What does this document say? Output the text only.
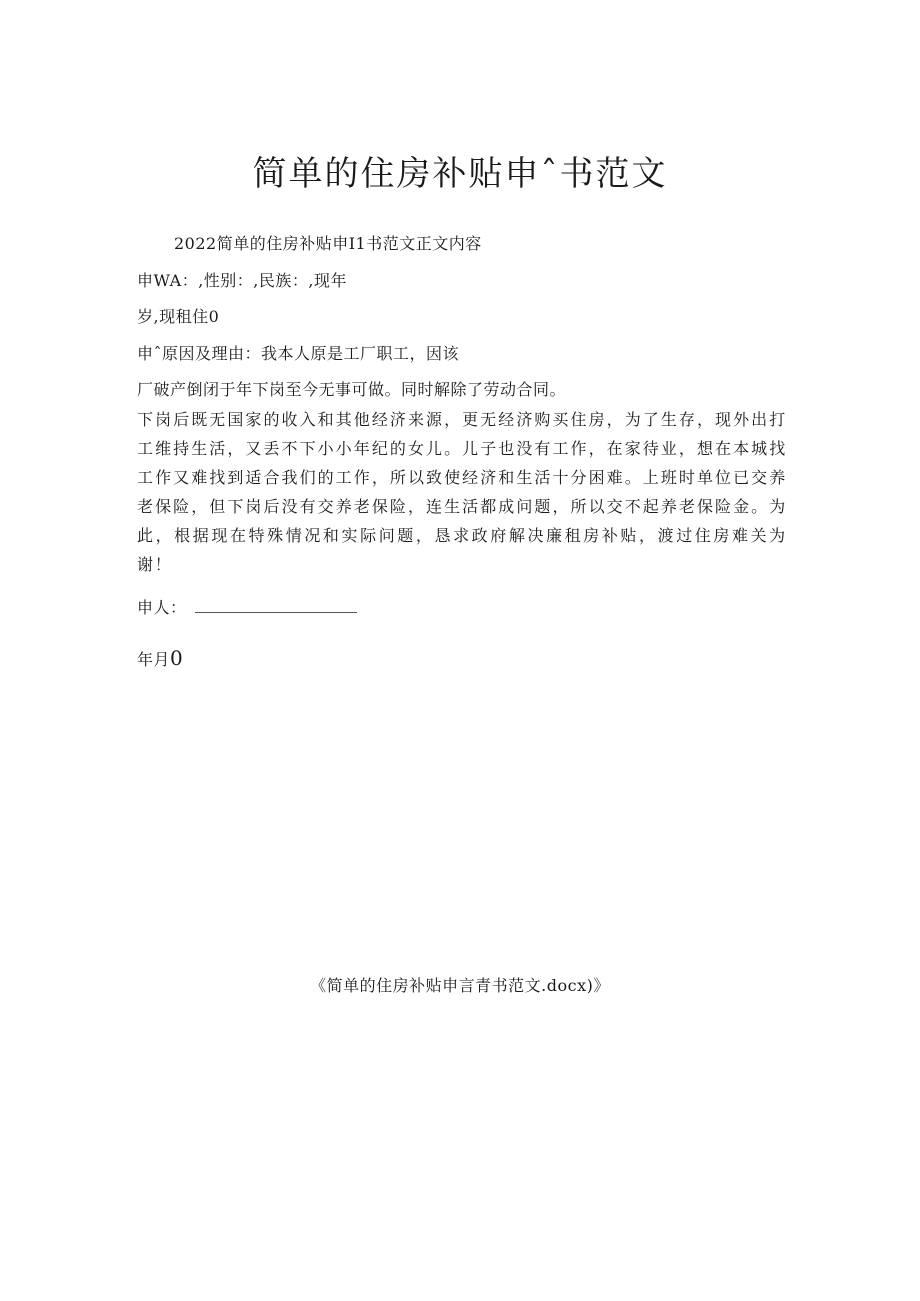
简单的住房补贴申ˆ书范文
2022简单的住房补贴申I1书范文正文内容
申WA：,性别：,民族：,现年
岁,现租住0
申ˆ原因及理由：我本人原是工厂职工，因该
厂破产倒闭于年下岗至今无事可做。同时解除了劳动合同。

下岗后既无国家的收入和其他经济来源，更无经济购买住房，为了生存，现外出打工维持生活，又丢不下小小年纪的女儿。儿子也没有工作，在家待业，想在本城找工作又难找到适合我们的工作，所以致使经济和生活十分困难。上班时单位已交养老保险，但下岗后没有交养老保险，连生活都成问题，所以交不起养老保险金。为此，根据现在特殊情况和实际问题，恳求政府解决廉租房补贴，渡过住房难关为谢！

申人：
年月0
《简单的住房补贴申言青书范文.docx)》
